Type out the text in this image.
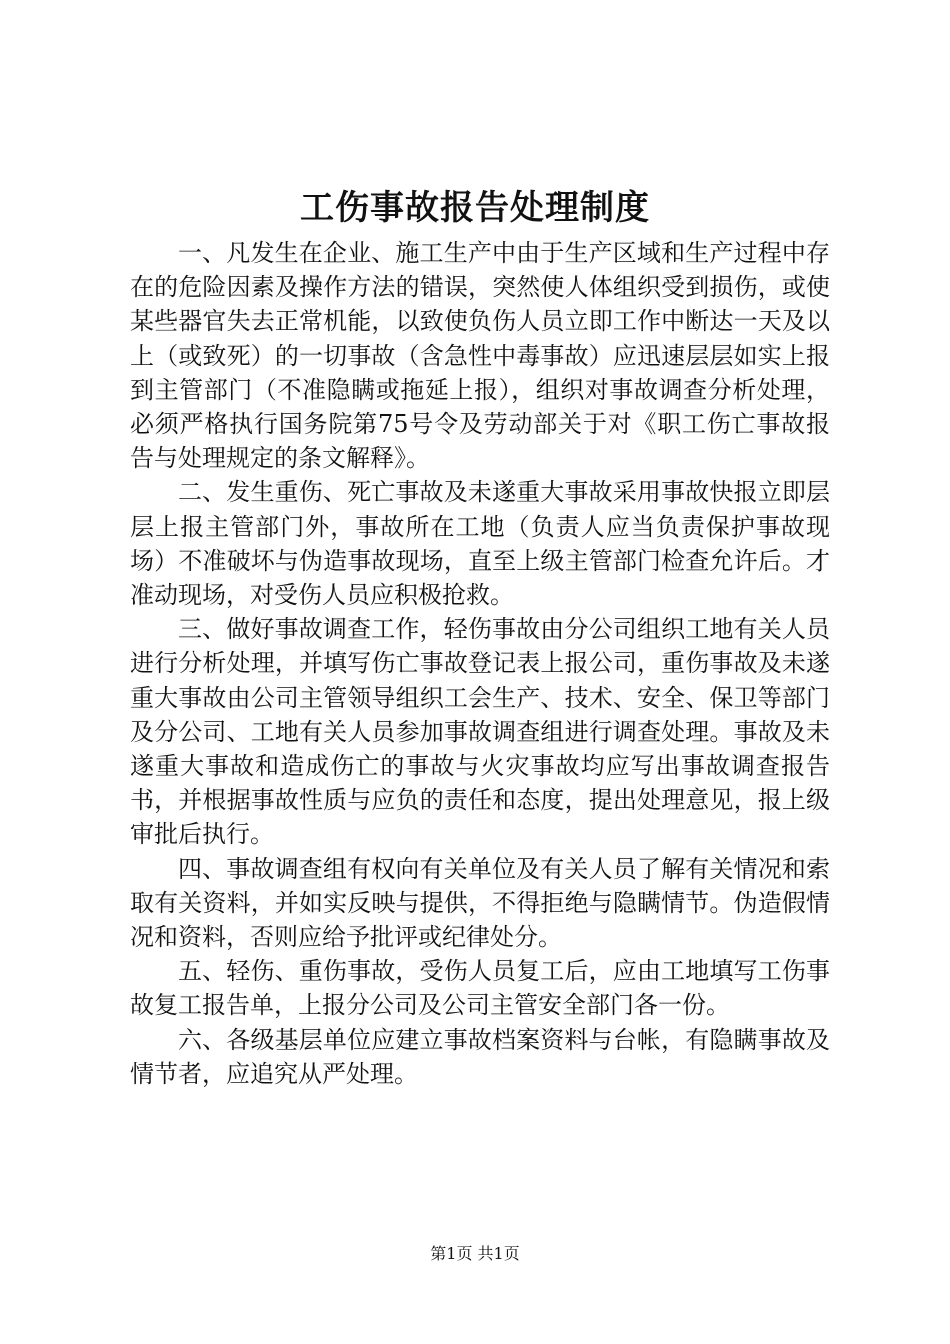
工伤事故报告处理制度

一、凡发生在企业、施工生产中由于生产区域和生产过程中存在的危险因素及操作方法的错误，突然使人体组织受到损伤，或使某些器官失去正常机能，以致使负伤人员立即工作中断达一天及以上（或致死）的一切事故（含急性中毒事故）应迅速层层如实上报到主管部门（不准隐瞒或拖延上报），组织对事故调查分析处理，必须严格执行国务院第75号令及劳动部关于对《职工伤亡事故报告与处理规定的条文解释》。

二、发生重伤、死亡事故及未遂重大事故采用事故快报立即层层上报主管部门外，事故所在工地（负责人应当负责保护事故现场）不准破坏与伪造事故现场，直至上级主管部门检查允许后。才准动现场，对受伤人员应积极抢救。

三、做好事故调查工作，轻伤事故由分公司组织工地有关人员进行分析处理，并填写伤亡事故登记表上报公司，重伤事故及未遂重大事故由公司主管领导组织工会生产、技术、安全、保卫等部门及分公司、工地有关人员参加事故调查组进行调查处理。事故及未遂重大事故和造成伤亡的事故与火灾事故均应写出事故调查报告书，并根据事故性质与应负的责任和态度，提出处理意见，报上级审批后执行。

四、事故调查组有权向有关单位及有关人员了解有关情况和索取有关资料，并如实反映与提供，不得拒绝与隐瞒情节。伪造假情况和资料，否则应给予批评或纪律处分。

五、轻伤、重伤事故，受伤人员复工后，应由工地填写工伤事故复工报告单，上报分公司及公司主管安全部门各一份。

六、各级基层单位应建立事故档案资料与台帐，有隐瞒事故及情节者，应追究从严处理。

第1页 共1页
